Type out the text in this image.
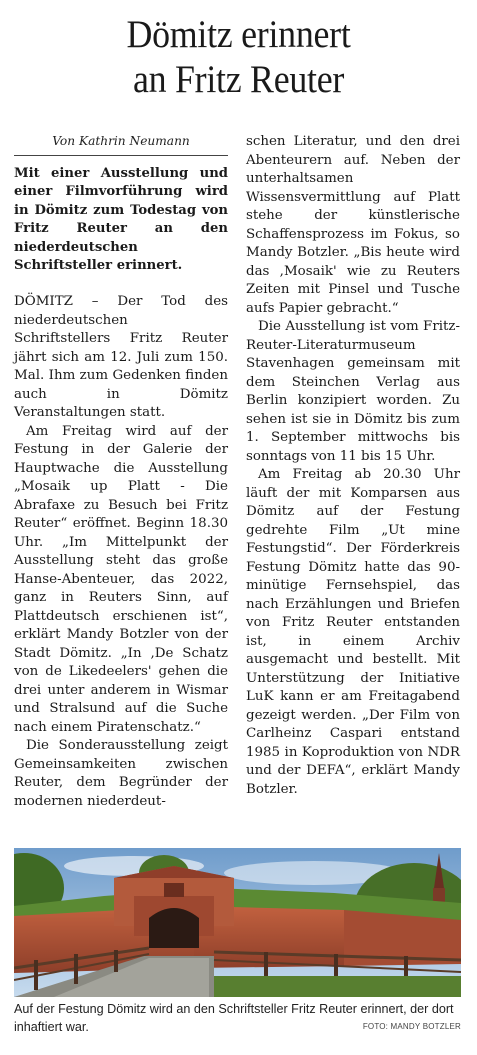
Dömitz erinnert
an Fritz Reuter
Von Kathrin Neumann

Mit einer Ausstellung und einer Filmvorführung wird in Dömitz zum Todestag von Fritz Reuter an den niederdeutschen Schriftsteller erinnert.

DÖMITZ – Der Tod des niederdeutschen Schriftstellers Fritz Reuter jährt sich am 12. Juli zum 150. Mal. Ihm zum Gedenken finden auch in Dömitz Veranstaltungen statt.

Am Freitag wird auf der Festung in der Galerie der Hauptwache die Ausstellung „Mosaik up Platt - Die Abrafaxe zu Besuch bei Fritz Reuter“ eröffnet. Beginn 18.30 Uhr. „Im Mittelpunkt der Ausstellung steht das große Hanse-Abenteuer, das 2022, ganz in Reuters Sinn, auf Plattdeutsch erschienen ist“, erklärt Mandy Botzler von der Stadt Dömitz. „In ,De Schatz von de Likedeelers' gehen die drei unter anderem in Wismar und Stralsund auf die Suche nach einem Piratenschatz.“

Die Sonderausstellung zeigt Gemeinsamkeiten zwischen Reuter, dem Begründer der modernen niederdeut-

schen Literatur, und den drei Abenteurern auf. Neben der unterhaltsamen Wissensvermittlung auf Platt stehe der künstlerische Schaffensprozess im Fokus, so Mandy Botzler. „Bis heute wird das ,Mosaik' wie zu Reuters Zeiten mit Pinsel und Tusche aufs Papier gebracht.“

Die Ausstellung ist vom Fritz-Reuter-Literaturmuseum Stavenhagen gemeinsam mit dem Steinchen Verlag aus Berlin konzipiert worden. Zu sehen ist sie in Dömitz bis zum 1. September mittwochs bis sonntags von 11 bis 15 Uhr.

Am Freitag ab 20.30 Uhr läuft der mit Komparsen aus Dömitz auf der Festung gedrehte Film „Ut mine Festungstid“. Der Förderkreis Festung Dömitz hatte das 90-minütige Fernsehspiel, das nach Erzählungen und Briefen von Fritz Reuter entstanden ist, in einem Archiv ausgemacht und bestellt. Mit Unterstützung der Initiative LuK kann er am Freitagabend gezeigt werden. „Der Film von Carlheinz Caspari entstand 1985 in Koproduktion von NDR und der DEFA“, erklärt Mandy Botzler.

Auf der Festung Dömitz wird an den Schriftsteller Fritz Reuter erinnert, der dort inhaftiert war.	FOTO: MANDY BOTZLER
